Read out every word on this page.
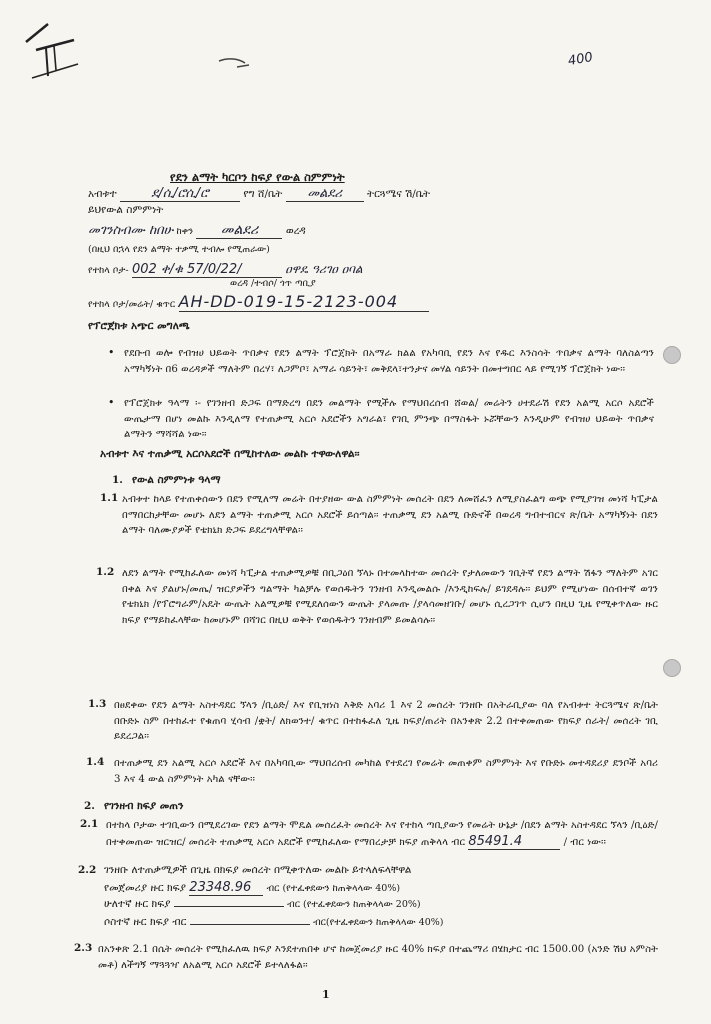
400
የደን ልማት ካርቦን ከፍያ የውል ስምምነት
አብቱተ	ደ/ሲ/ሮሲ/ሮ	የግ ሸ/ቤት መልደሪ ትርጓሜና ሽ/ቤት
ይህየውል ስምምነት
መገንስብሙ ከበሁ ከቀን መልደሪ	ወረዳ
(በዚህ በኋላ የደን ልማት ተቃሚ ተብሎ የሚጠራው)
የተከላ ቦታ- 002 ቀ/ቁ 57/0/22/	ዐዋዴ ዓሪገዐ ዐባል
ወረዳ /ተብሶ/ ጎጥ ጣቢያ
የተከላ ቦታ/መሬት/ ቁጥር AH-DD-019-15-2123-004
የፕሮጀክቱ አጭር መግለጫ
• የደቡብ ወሎ የብዝሀ ህይወት ጥበቃና የደን ልማት ፕሮጀክት በአማራ ክልል የአካባቢ የደን እና የዱር እንስሳት ጥበቃና ልማት ባለስልጣን አማካኝነት በ6 ወረዳዎች ማለትም በረሃ፣ ለጋምቦ፣ አማራ ሳይንት፣ መቅደላ፣ተንታና መሃል ሳይንት በመተግበር ላይ የሚገኝ ፕሮጀክት ነው፡፡
• የፕሮጀክቱ ዓላማ ፡- የገንዘብ ድጋፍ በማድረግ በደን መልማት የሚችሉ የማህበረሰብ ሸወል/ መሬትን ሀተደራሽ የደን አልሚ አርሶ አደሮች ውጤታማ በሆነ መልኩ እንዲለማ የተጠቃሚ አርሶ አደሮችን አግራል፣ የገቢ ምንጭ በማስፋት ኑሯቸውን እንዲሁም የብዝሀ ህይወት ጥበቃና ልማትን ማሻሻል ነው፡፡
አብቱተ እና ተጠቃሚ አርሶአደሮች በሚከተለው መልኩ ተዋውለዋል፡፡
1. የውል ስምምነቱ ዓላማ
1.1 አብቱተ ከላይ የተጠቀሰውን በደን የሚለማ መሬት በተያዘው ውል ስምምነት መሰረት በደን ለመሸፈን ለሚያስፈልግ ወጭ የሚያገዝ መነሻ ካፒታል በማበርከታቸው መሆኑ ለደን ልማት ተጠቃሚ አርሶ አደሮች ይሰጣል፡፡ ተጠቃሚ ደን አልሚ ቡድኖች በወረዳ ግብተብርና ጽ/ቤት አማካኝነት በደን ልማት ባለሙያዎች የቴክኒክ ድጋፍ ይደረግላቸዋል፡፡
1.2 ለደን ልማት የሚከፈለው መነሻ ካፒታል ተጠቃሚዎቹ በቢጋዕበ ኘላኑ በተመላከተው መሰረት የታለመውን ገቢትኛ የደን ልማት ሽፋን ማለትም አገር በቀል እና ያልሆኑ/መጤ/ ዝርያዎችን ግልማት ካልቻሉ የወሰዱትን ገንዘብ እንዲመልሱ /እንዲከፍሉ/ ይገደዳሉ፡፡ ይህም የሚሆነው በሰብተኛ ወገን የቴክኒክ /የፕሮግራም/አዴት ውጤት አልሚዎቹ የሚደለሰውን ውጤት ያላመጡ /ያላሳመዘገቡ/ መሆኑ ሲረጋገጥ ሲሆን በዚህ ጊዜ የሚቀጥለው ዙር ክፍያ የማይከፈላቸው ከመሆኑም በሻገር በዚህ ወቅት የወሰዱትን ገንዘብም ይመልሳሉ፡፡
1.3 በፀደቀው የደን ልማት አስተዳደር ኘላን /ቢዕድ/ እና የቢዝነስ እቅድ አባሪ 1 እና 2 መሰረት ገንዘቡ በአትራቢያው ባለ የአብቱተ ትርጓሜና ጽ/ቤት በቡድኑ ስም በተከፈተ የቁጠባ ሂሳብ /ቋት/ ለክወንተ/ ቁጥር በተከፋፈለ ጊዜ ክፍያ/ጠሪት በአንቀጽ 2.2 በተቀመጠው የክፍያ ሰራት/ መሰረት ገቢ ይደረጋል፡፡
1.4 በተጠቃሚ ደን አልሚ አርሶ አደሮች እና በአካባቢው ማህበረሰብ መካከል የተደረገ የመሬት መጠቀም ስምምነት እና የቡድኑ መተዳደሪያ ደንቦች አባሪ 3 እና 4 ውል ስምምነት አካል ናቸው፡፡
2. የገንዘብ ክፍያ መጠን
2.1 በተከላ ቦታው ተገቢውን በሚደረገው የደን ልማት ሞዴል መሰረፈት መሰረት እና የተከላ ጣቢያውን የመሬት ሁኔታ /በደን ልማት አስተዳደር ኘላን /ቢዕድ/ በተቀመጠው ዝርዝር/ መሰረት ተጠቃሚ አርሶ አደሮች የሚከፈለው የማበረታቻ ክፍያ ጠቅላላ ብር 85491.4	/ ብር ነው፡፡
2.2 ገንዘቡ ለተጠቃሚዎች በጊዜ በክፍያ መሰረት በሚቀጥለው መልኩ ይተላለፍላቸዋል
የመጀመሪያ ዙር ክፍያ 23348.96 ብር (የተፈቀደውን ከጠቅላላው 40%)
ሁለተኛ ዙር ክፍያ	ብር (የተፈቀደውን ከጠቅላላው 20%)
ሶስተኛ ዙር ክፍያ ብር	ብር(የተፈቀደውን ከጠቅላላው 40%)
2.3 በአንቀጽ 2.1 በሴት መሰረት የሚከፈለዉ ክፍያ እንደተጠበቀ ሆኖ ከመጀመሪያ ዙር 40% ክፍያ በተጨማሪ በሄክታር ብር 1500.00 (አንድ ሽህ አምስት መቶ) ለችግኝ ማጓጓዣ ለአልሚ አርሶ አደሮች ይተላለፋል፡፡
1
